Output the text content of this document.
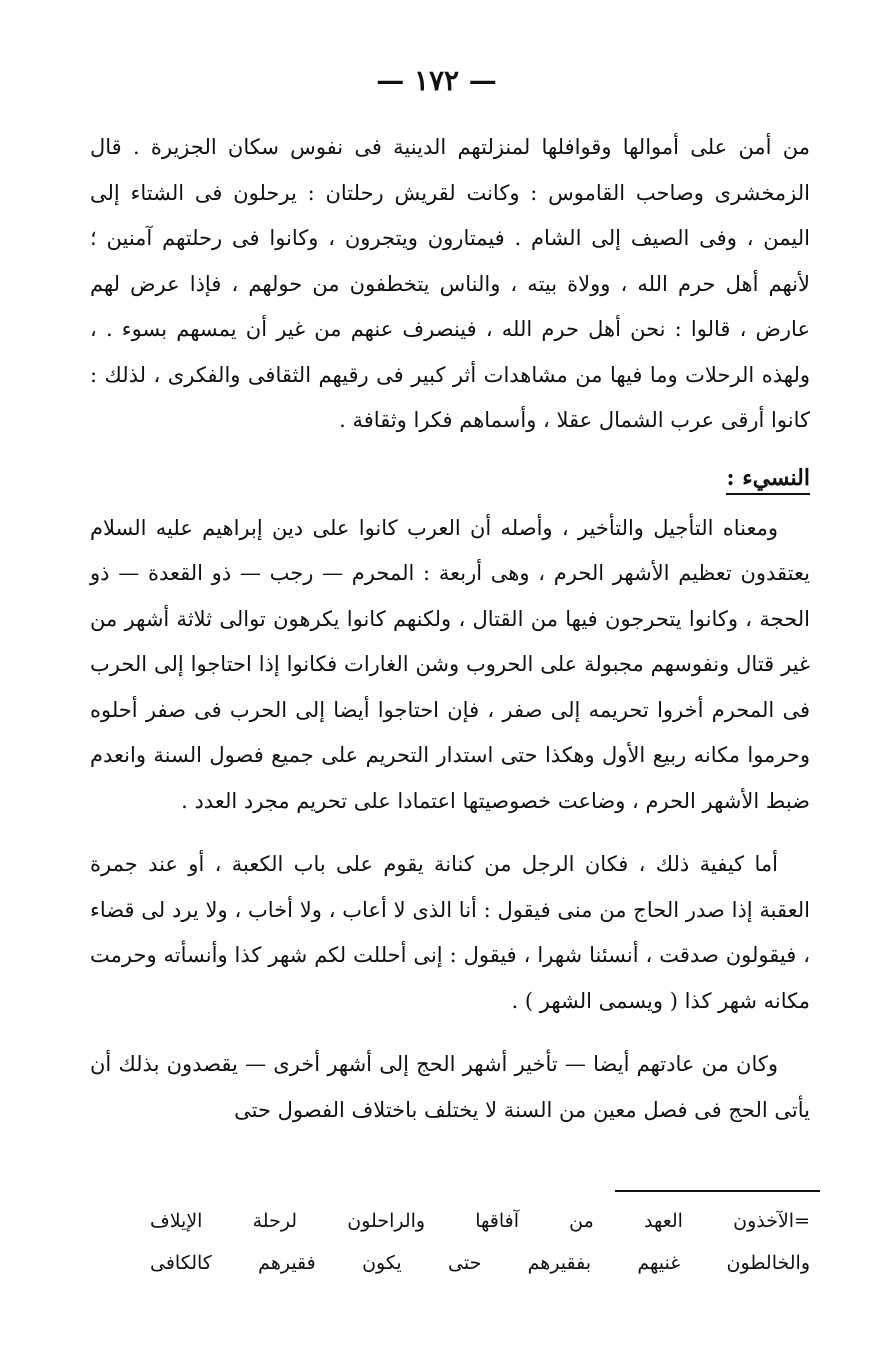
— ١٧٢ —

من أمن على أموالها وقوافلها لمنزلتهم الدينية فى نفوس سكان الجزيرة . قال الزمخشرى وصاحب القاموس : وكانت لقريش رحلتان : يرحلون فى الشتاء إلى اليمن ، وفى الصيف إلى الشام . فيمتارون ويتجرون ، وكانوا فى رحلتهم آمنين ؛ لأنهم أهل حرم الله ، وولاة بيته ، والناس يتخطفون من حولهم ، فإذا عرض لهم عارض ، قالوا : نحن أهل حرم الله ، فينصرف عنهم من غير أن يمسهم بسوء . ، ولهذه الرحلات وما فيها من مشاهدات أثر كبير فى رقيهم الثقافى والفكرى ، لذلك : كانوا أرقى عرب الشمال عقلا ، وأسماهم فكرا وثقافة .

النسيء :

ومعناه التأجيل والتأخير ، وأصله أن العرب كانوا على دين إبراهيم عليه السلام يعتقدون تعظيم الأشهر الحرم ، وهى أربعة : المحرم — رجب — ذو القعدة — ذو الحجة ، وكانوا يتحرجون فيها من القتال ، ولكنهم كانوا يكرهون توالى ثلاثة أشهر من غير قتال ونفوسهم مجبولة على الحروب وشن الغارات فكانوا إذا احتاجوا إلى الحرب فى المحرم أخروا تحريمه إلى صفر ، فإن احتاجوا أيضا إلى الحرب فى صفر أحلوه وحرموا مكانه ربيع الأول وهكذا حتى استدار التحريم على جميع فصول السنة وانعدم ضبط الأشهر الحرم ، وضاعت خصوصيتها اعتمادا على تحريم مجرد العدد .

أما كيفية ذلك ، فكان الرجل من كنانة يقوم على باب الكعبة ، أو عند جمرة العقبة إذا صدر الحاج من منى فيقول : أنا الذى لا أعاب ، ولا أخاب ، ولا يرد لى قضاء ، فيقولون صدقت ، أنسئنا شهرا ، فيقول : إنى أحللت لكم شهر كذا وأنسأته وحرمت مكانه شهر كذا ( ويسمى الشهر ) .

وكان من عادتهم أيضا — تأخير أشهر الحج إلى أشهر أخرى — يقصدون بذلك أن يأتى الحج فى فصل معين من السنة لا يختلف باختلاف الفصول حتى

=الآخذون العهد من آفاقها والراحلون لرحلة الإيلاف
والخالطون غنيهم بفقيرهم حتى يكون فقيرهم كالكافى
